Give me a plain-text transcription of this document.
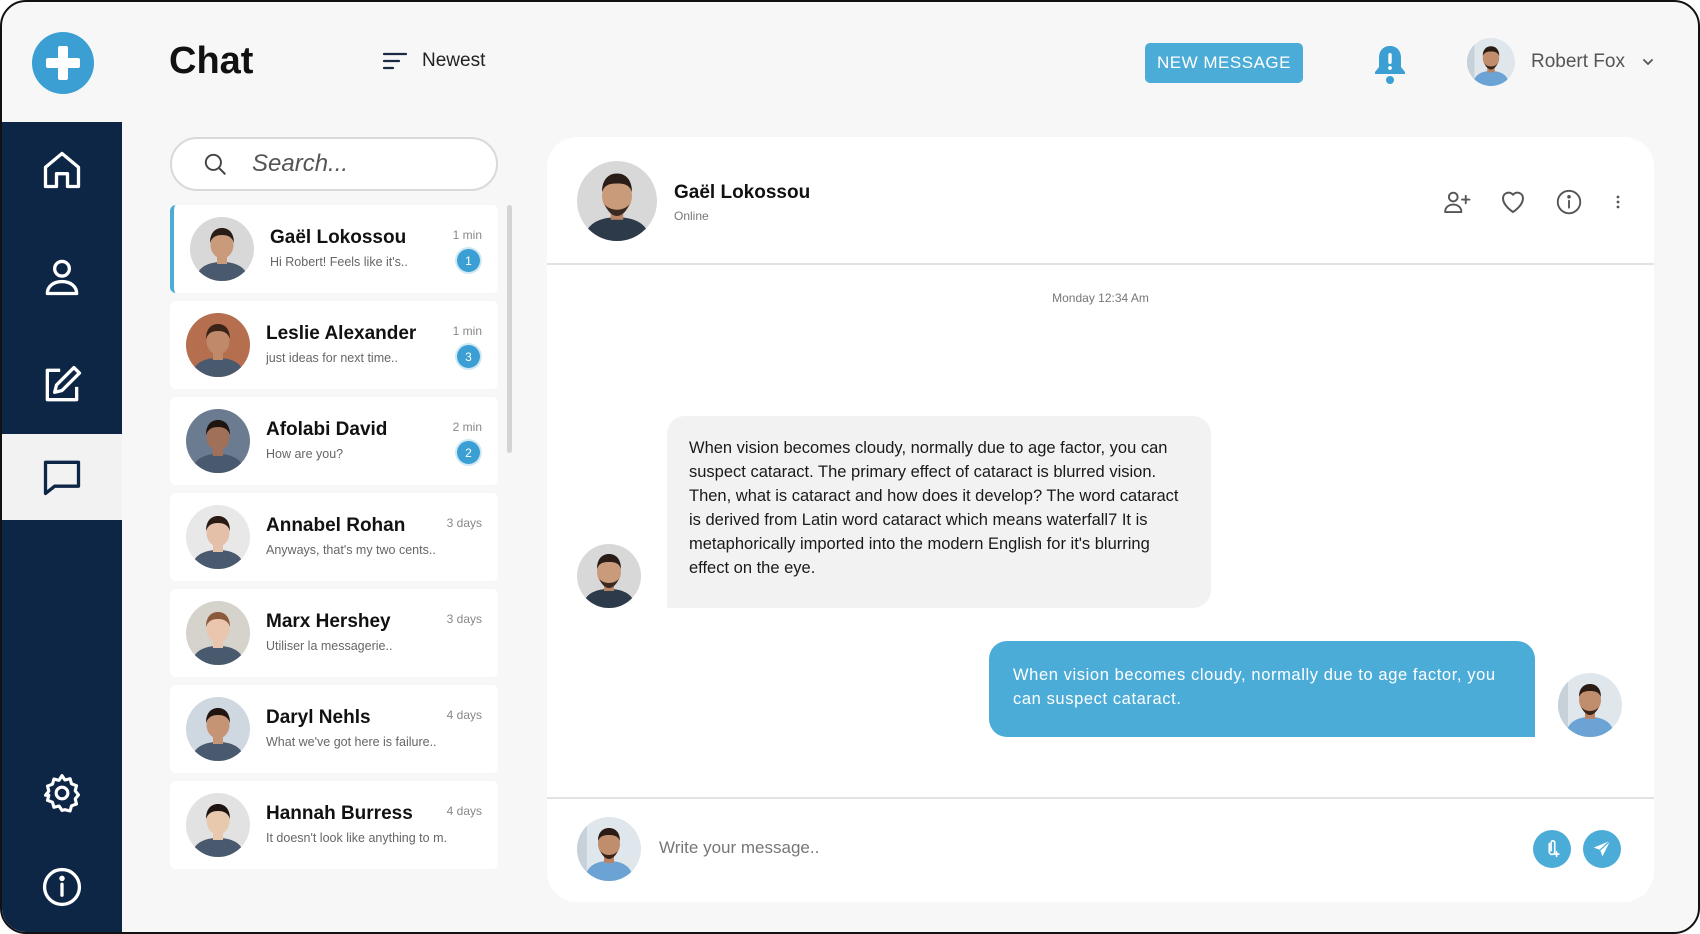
Chat	Newest	NEW MESSAGE	Robert Fox
Search...
Gaël Lokossou
Hi Robert! Feels like it's..
1 min
1
Leslie Alexander
just ideas for next time..
1 min
3
Afolabi David
How are you?
2 min
2
Annabel Rohan
Anyways, that's my two cents..
3 days
Marx Hershey
Utiliser la messagerie..
3 days
Daryl Nehls
What we've got here is failure..
4 days
Hannah Burress
It doesn't look like anything to m.
4 days
Gaël Lokossou
Online
Monday 12:34 Am
When vision becomes cloudy, normally due to age factor, you can suspect cataract. The primary effect of cataract is blurred vision. Then, what is cataract and how does it develop? The word cataract is derived from Latin word cataract which means waterfall7 It is metaphorically imported into the modern English for it's blurring effect on the eye.
When vision becomes cloudy, normally due to age factor, you can suspect cataract.
Write your message..
